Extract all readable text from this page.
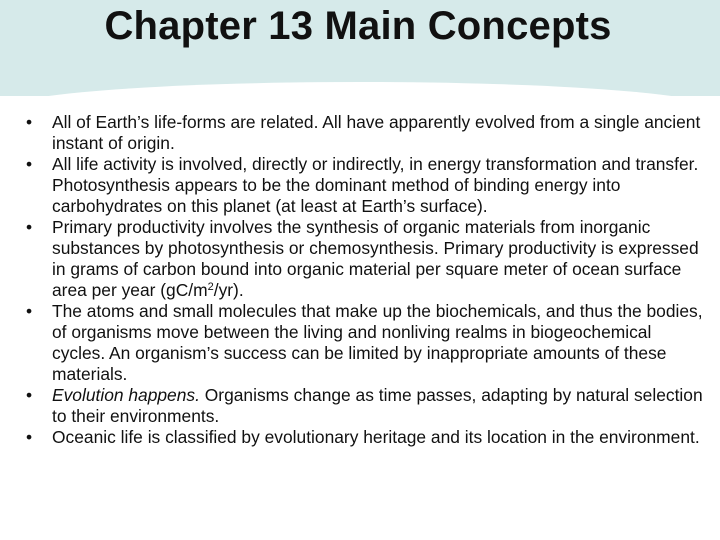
Chapter 13 Main Concepts
• All of Earth’s life-forms are related. All have apparently evolved from a single ancient instant of origin.
• All life activity is involved, directly or indirectly, in energy transformation and transfer. Photosynthesis appears to be the dominant method of binding energy into carbohydrates on this planet (at least at Earth’s surface).
• Primary productivity involves the synthesis of organic materials from inorganic substances by photosynthesis or chemosynthesis. Primary productivity is expressed in grams of carbon bound into organic material per square meter of ocean surface area per year $(gC/m^2/yr)$.
• The atoms and small molecules that make up the biochemicals, and thus the bodies, of organisms move between the living and nonliving realms in biogeochemical cycles. An organism’s success can be limited by inappropriate amounts of these materials.
• Evolution happens. Organisms change as time passes, adapting by natural selection to their environments.
• Oceanic life is classified by evolutionary heritage and its location in the environment.
